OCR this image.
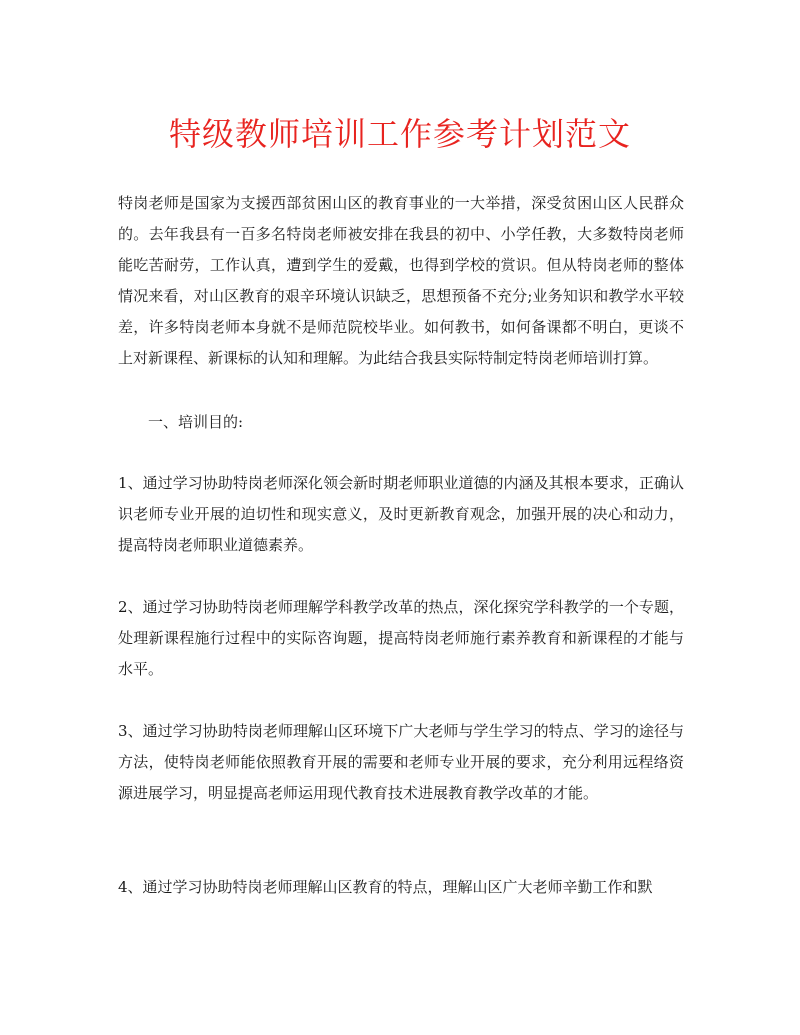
特级教师培训工作参考计划范文

特岗老师是国家为支援西部贫困山区的教育事业的一大举措，深受贫困山区人民群众的。去年我县有一百多名特岗老师被安排在我县的初中、小学任教，大多数特岗老师能吃苦耐劳，工作认真，遭到学生的爱戴，也得到学校的赏识。但从特岗老师的整体情况来看，对山区教育的艰辛环境认识缺乏，思想预备不充分;业务知识和教学水平较差，许多特岗老师本身就不是师范院校毕业。如何教书，如何备课都不明白，更谈不上对新课程、新课标的认知和理解。为此结合我县实际特制定特岗老师培训打算。

一、培训目的:

1、通过学习协助特岗老师深化领会新时期老师职业道德的内涵及其根本要求，正确认识老师专业开展的迫切性和现实意义，及时更新教育观念，加强开展的决心和动力，提高特岗老师职业道德素养。

2、通过学习协助特岗老师理解学科教学改革的热点，深化探究学科教学的一个专题，处理新课程施行过程中的实际咨询题，提高特岗老师施行素养教育和新课程的才能与水平。

3、通过学习协助特岗老师理解山区环境下广大老师与学生学习的特点、学习的途径与方法，使特岗老师能依照教育开展的需要和老师专业开展的要求，充分利用远程络资源进展学习，明显提高老师运用现代教育技术进展教育教学改革的才能。

4、通过学习协助特岗老师理解山区教育的特点，理解山区广大老师辛勤工作和默
